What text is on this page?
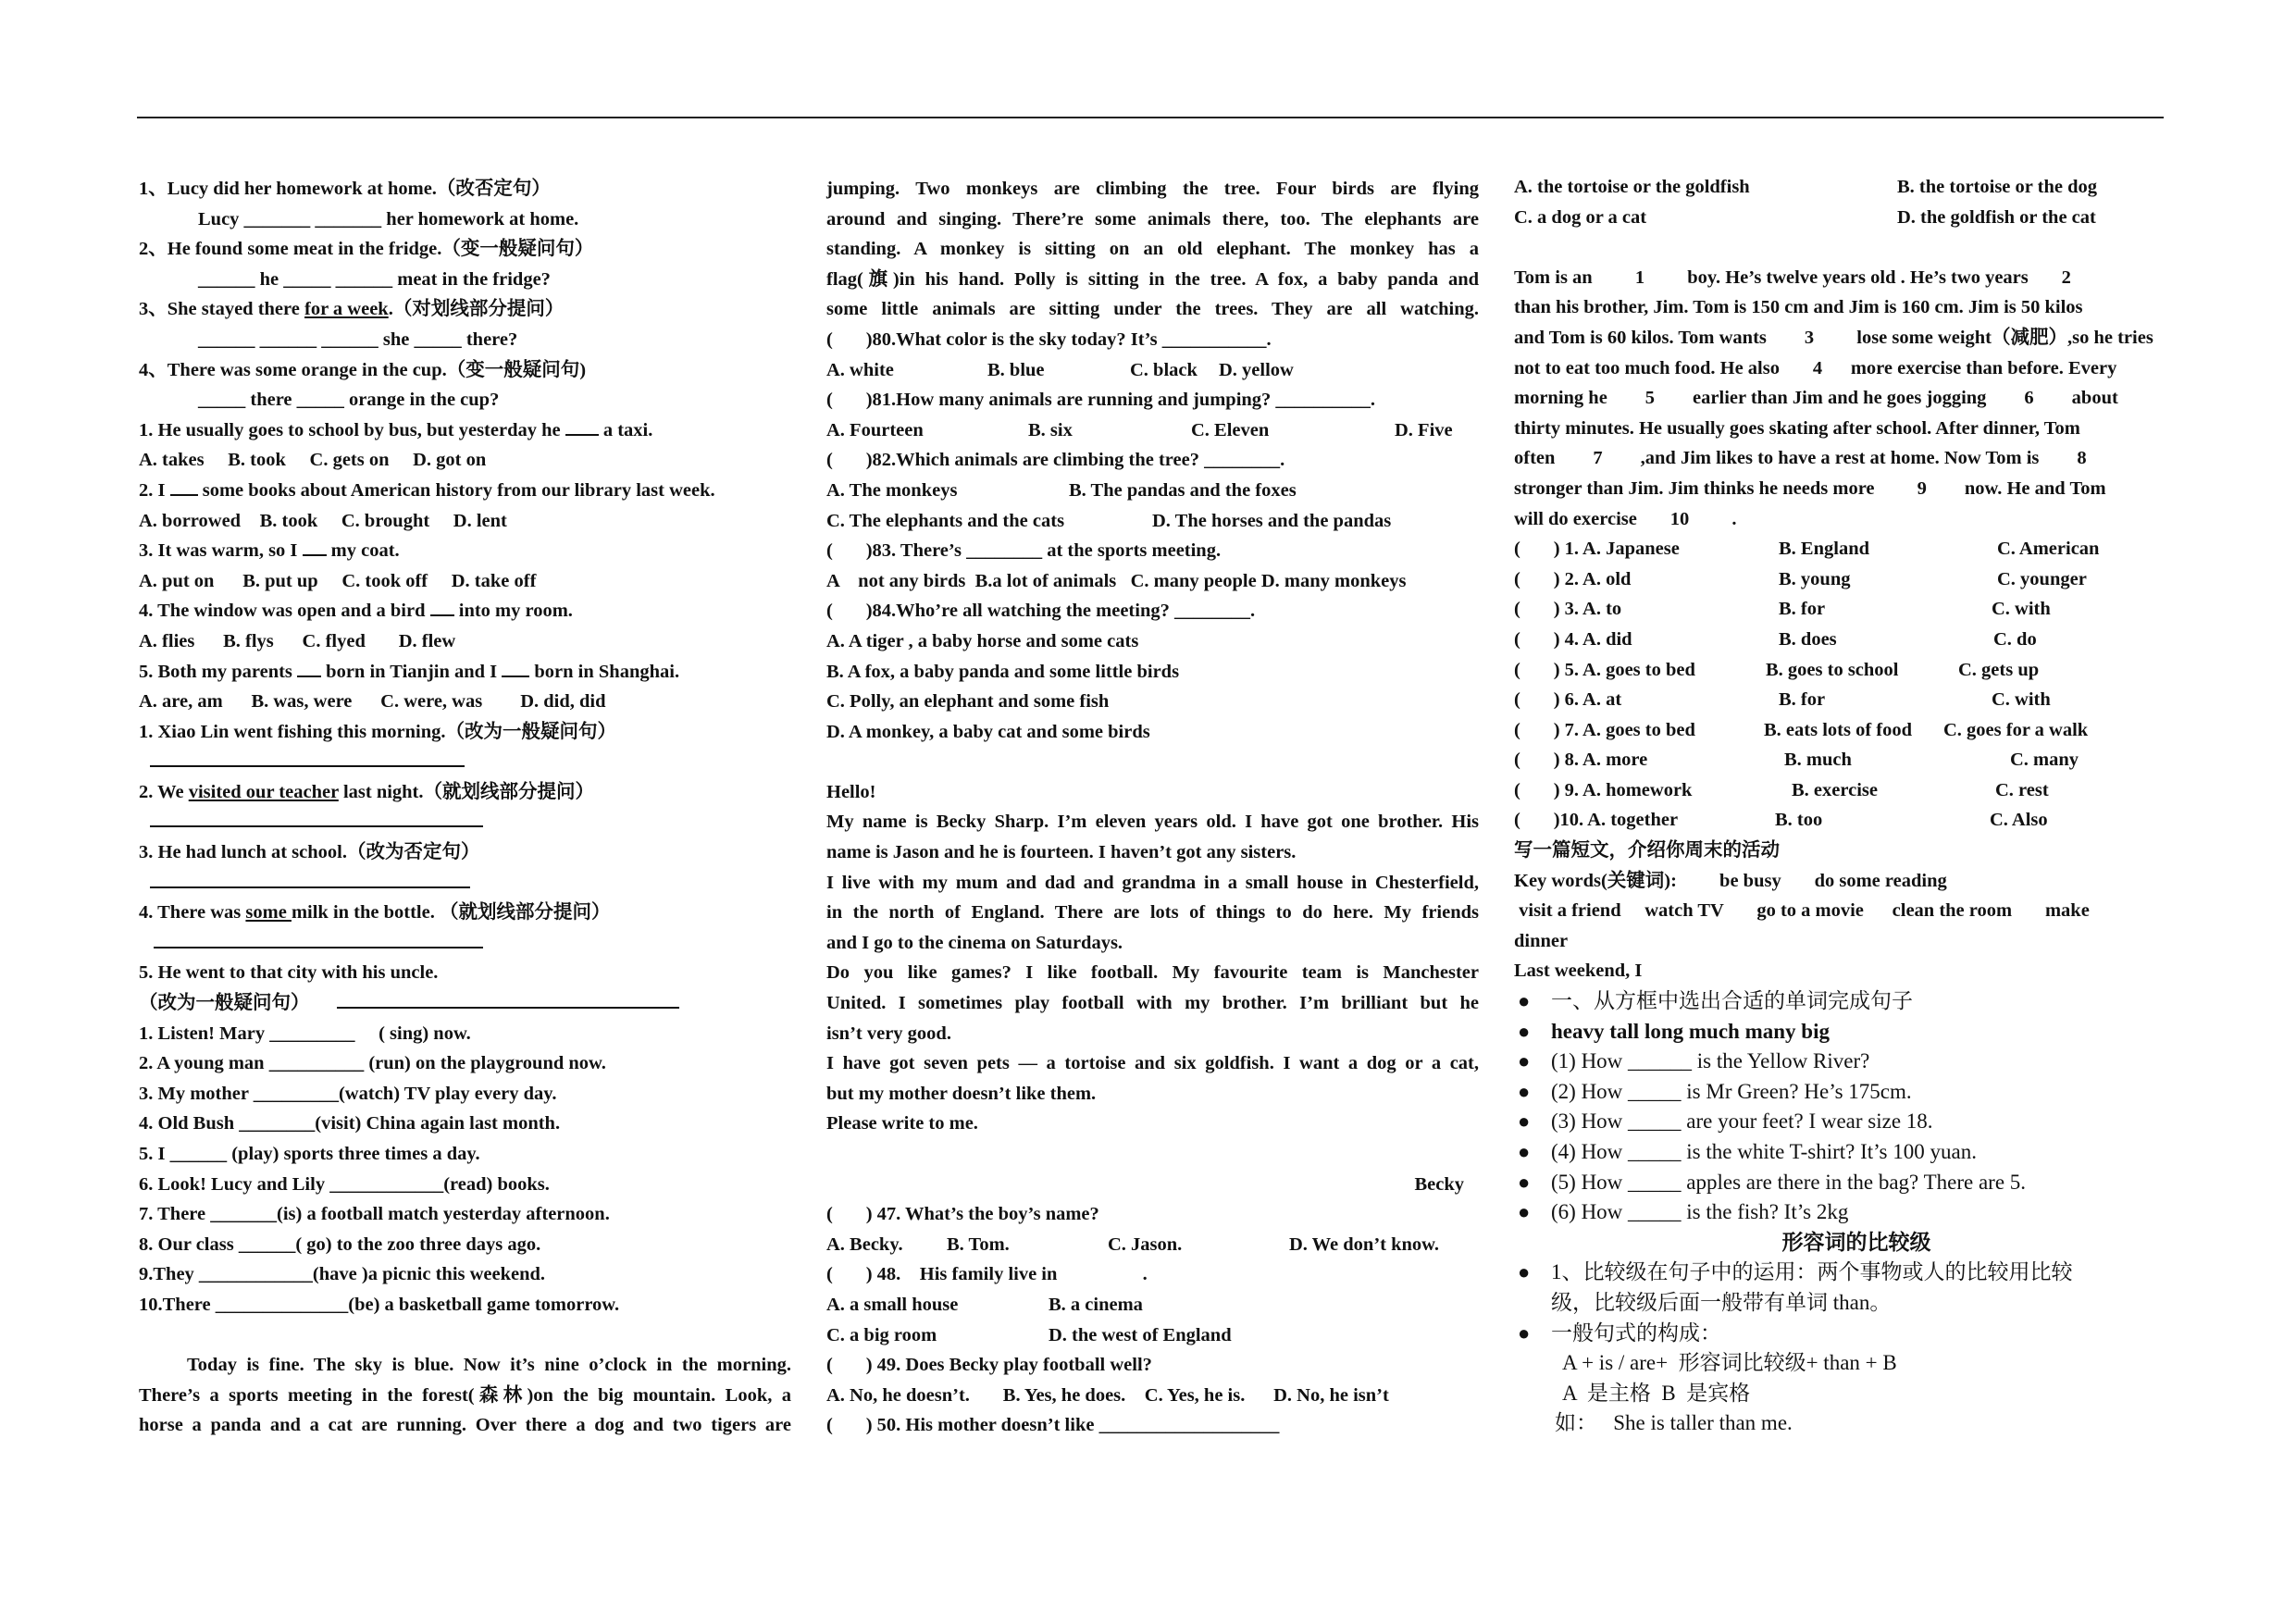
1、Lucy did her homework at home.（改否定句）
Lucy _______ _______ her homework at home.
2、He found some meat in the fridge.（变一般疑问句）
______ he _____ ______ meat in the fridge?
3、She stayed there for a week.（对划线部分提问）
______ ______ ______ she _____ there?
4、There was some orange in the cup.（变一般疑问句)
_____ there _____ orange in the cup?
1. He usually goes to school by bus, but yesterday he  a taxi.
A. takes     B. took     C. gets on     D. got on
2. I  some books about American history from our library last week.
A. borrowed    B. took     C. brought     D. lent
3. It was warm, so I  my coat.
A. put on      B. put up     C. took off     D. take off
4. The window was open and a bird  into my room.
A. flies      B. flys      C. flyed       D. flew
5. Both my parents  born in Tianjin and I  born in Shanghai.
A. are, am      B. was, were      C. were, was        D. did, did
1. Xiao Lin went fishing this morning.（改为一般疑问句）
2. We visited our teacher last night.（就划线部分提问）
3. He had lunch at school.（改为否定句）
4. There was some milk in the bottle. （就划线部分提问）
5. He went to that city with his uncle.
（改为一般疑问句）
1. Listen! Mary _________     ( sing) now.
2. A young man __________ (run) on the playground now.
3. My mother _________(watch) TV play every day.
4. Old Bush ________(visit) China again last month.
5. I ______ (play) sports three times a day.
6. Look! Lucy and Lily ____________(read) books.
7. There _______(is) a football match yesterday afternoon.
8. Our class ______( go) to the zoo three days ago.
9.They ____________(have )a picnic this weekend.
10.There ______________(be) a basketball game tomorrow.
Today is fine. The sky is blue. Now it’s nine o’clock in the morning.
There’s a sports meeting in the forest(森林)on the big mountain. Look, a
horse a panda and a cat are running. Over there a dog and two tigers are
jumping. Two monkeys are climbing the tree. Four birds are flying
around and singing. There’re some animals there, too. The elephants are
standing. A monkey is sitting on an old elephant. The monkey has a
flag(旗)in his hand. Polly is sitting in the tree. A fox, a baby panda and
some little animals are sitting under the trees. They are all watching.
(       )80.What color is the sky today? It’s ___________.
A. white	B. blue	C. black D. yellow
(       )81.How many animals are running and jumping? __________.
A. Fourteen	B. six	C. Eleven	D. Five
(       )82.Which animals are climbing the tree? ________.
A. The monkeys	B. The pandas and the foxes
C. The elephants and the cats	D. The horses and the pandas
(       )83. There’s ________ at the sports meeting.
A    not any birds  B.a lot of animals   C. many people D. many monkeys
(       )84.Who’re all watching the meeting? ________.
A. A tiger , a baby horse and some cats
B. A fox, a baby panda and some little birds
C. Polly, an elephant and some fish
D. A monkey, a baby cat and some birds
Hello!
My name is Becky Sharp. I’m eleven years old. I have got one brother. His
name is Jason and he is fourteen. I haven’t got any sisters.
I live with my mum and dad and grandma in a small house in Chesterfield,
in the north of England. There are lots of things to do here. My friends
and I go to the cinema on Saturdays.
Do you like games? I like football. My favourite team is Manchester
United. I sometimes play football with my brother. I’m brilliant but he
isn’t very good.
I have got seven pets — a tortoise and six goldfish. I want a dog or a cat,
but my mother doesn’t like them.
Please write to me.
Becky
(       ) 47. What’s the boy’s name?
A. Becky. B. Tom.	C. Jason.	D. We don’t know.
(       ) 48.    His family live in                  .
A. a small house	B. a cinema
C. a big room	D. the west of England
(       ) 49. Does Becky play football well?
A. No, he doesn’t.       B. Yes, he does.    C. Yes, he is.      D. No, he isn’t
(       ) 50. His mother doesn’t like ___________________
A. the tortoise or the goldfish	B. the tortoise or the dog
C. a dog or a cat	D. the goldfish or the cat
Tom is an         1         boy. He’s twelve years old . He’s two years       2
than his brother, Jim. Tom is 150 cm and Jim is 160 cm. Jim is 50 kilos
and Tom is 60 kilos. Tom wants        3         lose some weight（减肥）,so he tries
not to eat too much food. He also       4      more exercise than before. Every
morning he        5        earlier than Jim and he goes jogging        6        about
thirty minutes. He usually goes skating after school. After dinner, Tom
often        7        ,and Jim likes to have a rest at home. Now Tom is        8
stronger than Jim. Jim thinks he needs more         9        now. He and Tom
will do exercise       10         .
(       ) 1. A. Japanese	B. England	C. American
(       ) 2. A. old	B. young	C. younger
(       ) 3. A. to	B. for	C. with
(       ) 4. A. did	B. does	C. do
(       ) 5. A. goes to bed	B. goes to school	C. gets up
(       ) 6. A. at	B. for	C. with
(       ) 7. A. goes to bed	B. eats lots of food C. goes for a walk
(       ) 8. A. more	B. much	C. many
(       ) 9. A. homework	B. exercise	C. rest
(       )10. A. together	B. too	C. Also
写一篇短文，介绍你周末的活动
Key words(关键词):         be busy       do some reading
visit a friend     watch TV       go to a movie      clean the room       make
dinner
Last weekend, I
● 一、从方框中选出合适的单词完成句子
● heavy tall long much many big
● (1) How ______ is the Yellow River?
● (2) How _____ is Mr Green? He’s 175cm.
● (3) How _____ are your feet? I wear size 18.
● (4) How _____ is the white T-shirt? It’s 100 yuan.
● (5) How _____ apples are there in the bag? There are 5.
● (6) How _____ is the fish? It’s 2kg
形容词的比较级
● 1、比较级在句子中的运用：两个事物或人的比较用比较
级，比较级后面一般带有单词 than。
● 一般句式的构成：
A + is / are+  形容词比较级+ than + B
A  是主格  B  是宾格
如：   She is taller than me.
